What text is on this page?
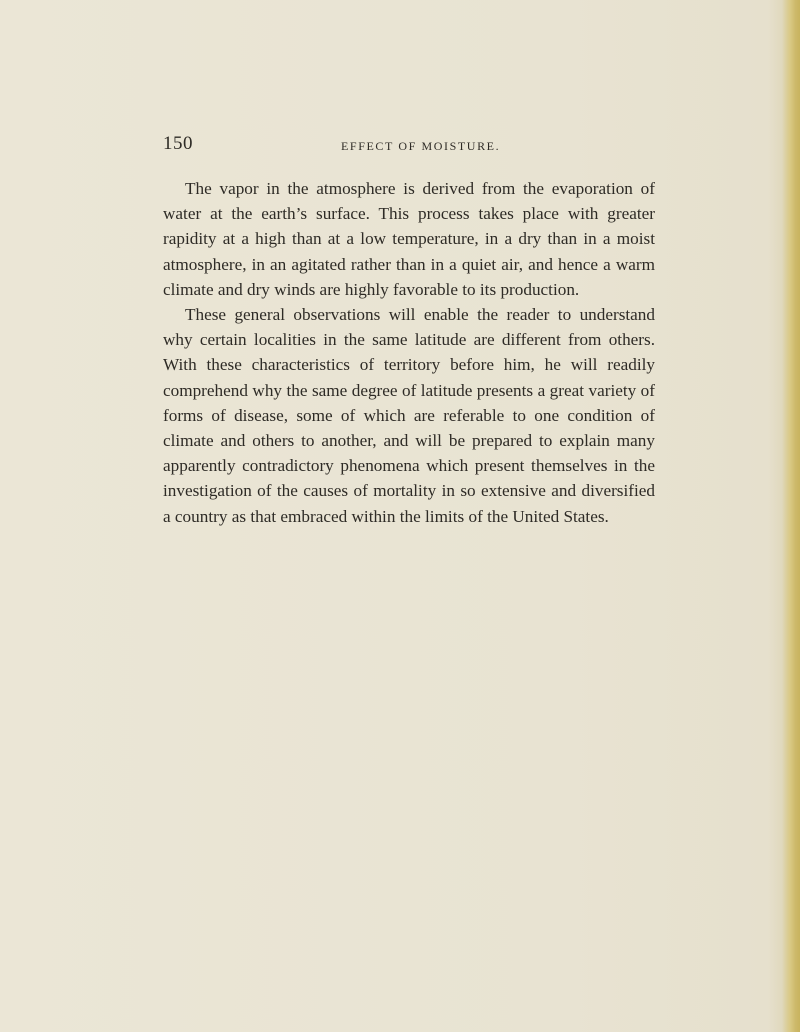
150	EFFECT OF MOISTURE.

The vapor in the atmosphere is derived from the evaporation of water at the earth’s surface. This process takes place with greater rapidity at a high than at a low temperature, in a dry than in a moist atmosphere, in an agitated rather than in a quiet air, and hence a warm climate and dry winds are highly favorable to its production.

These general observations will enable the reader to understand why certain localities in the same latitude are different from others. With these characteristics of territory before him, he will readily comprehend why the same degree of latitude presents a great variety of forms of disease, some of which are referable to one condition of climate and others to another, and will be prepared to explain many apparently contradictory phenomena which present themselves in the investigation of the causes of mortality in so extensive and diversified a country as that embraced within the limits of the United States.
